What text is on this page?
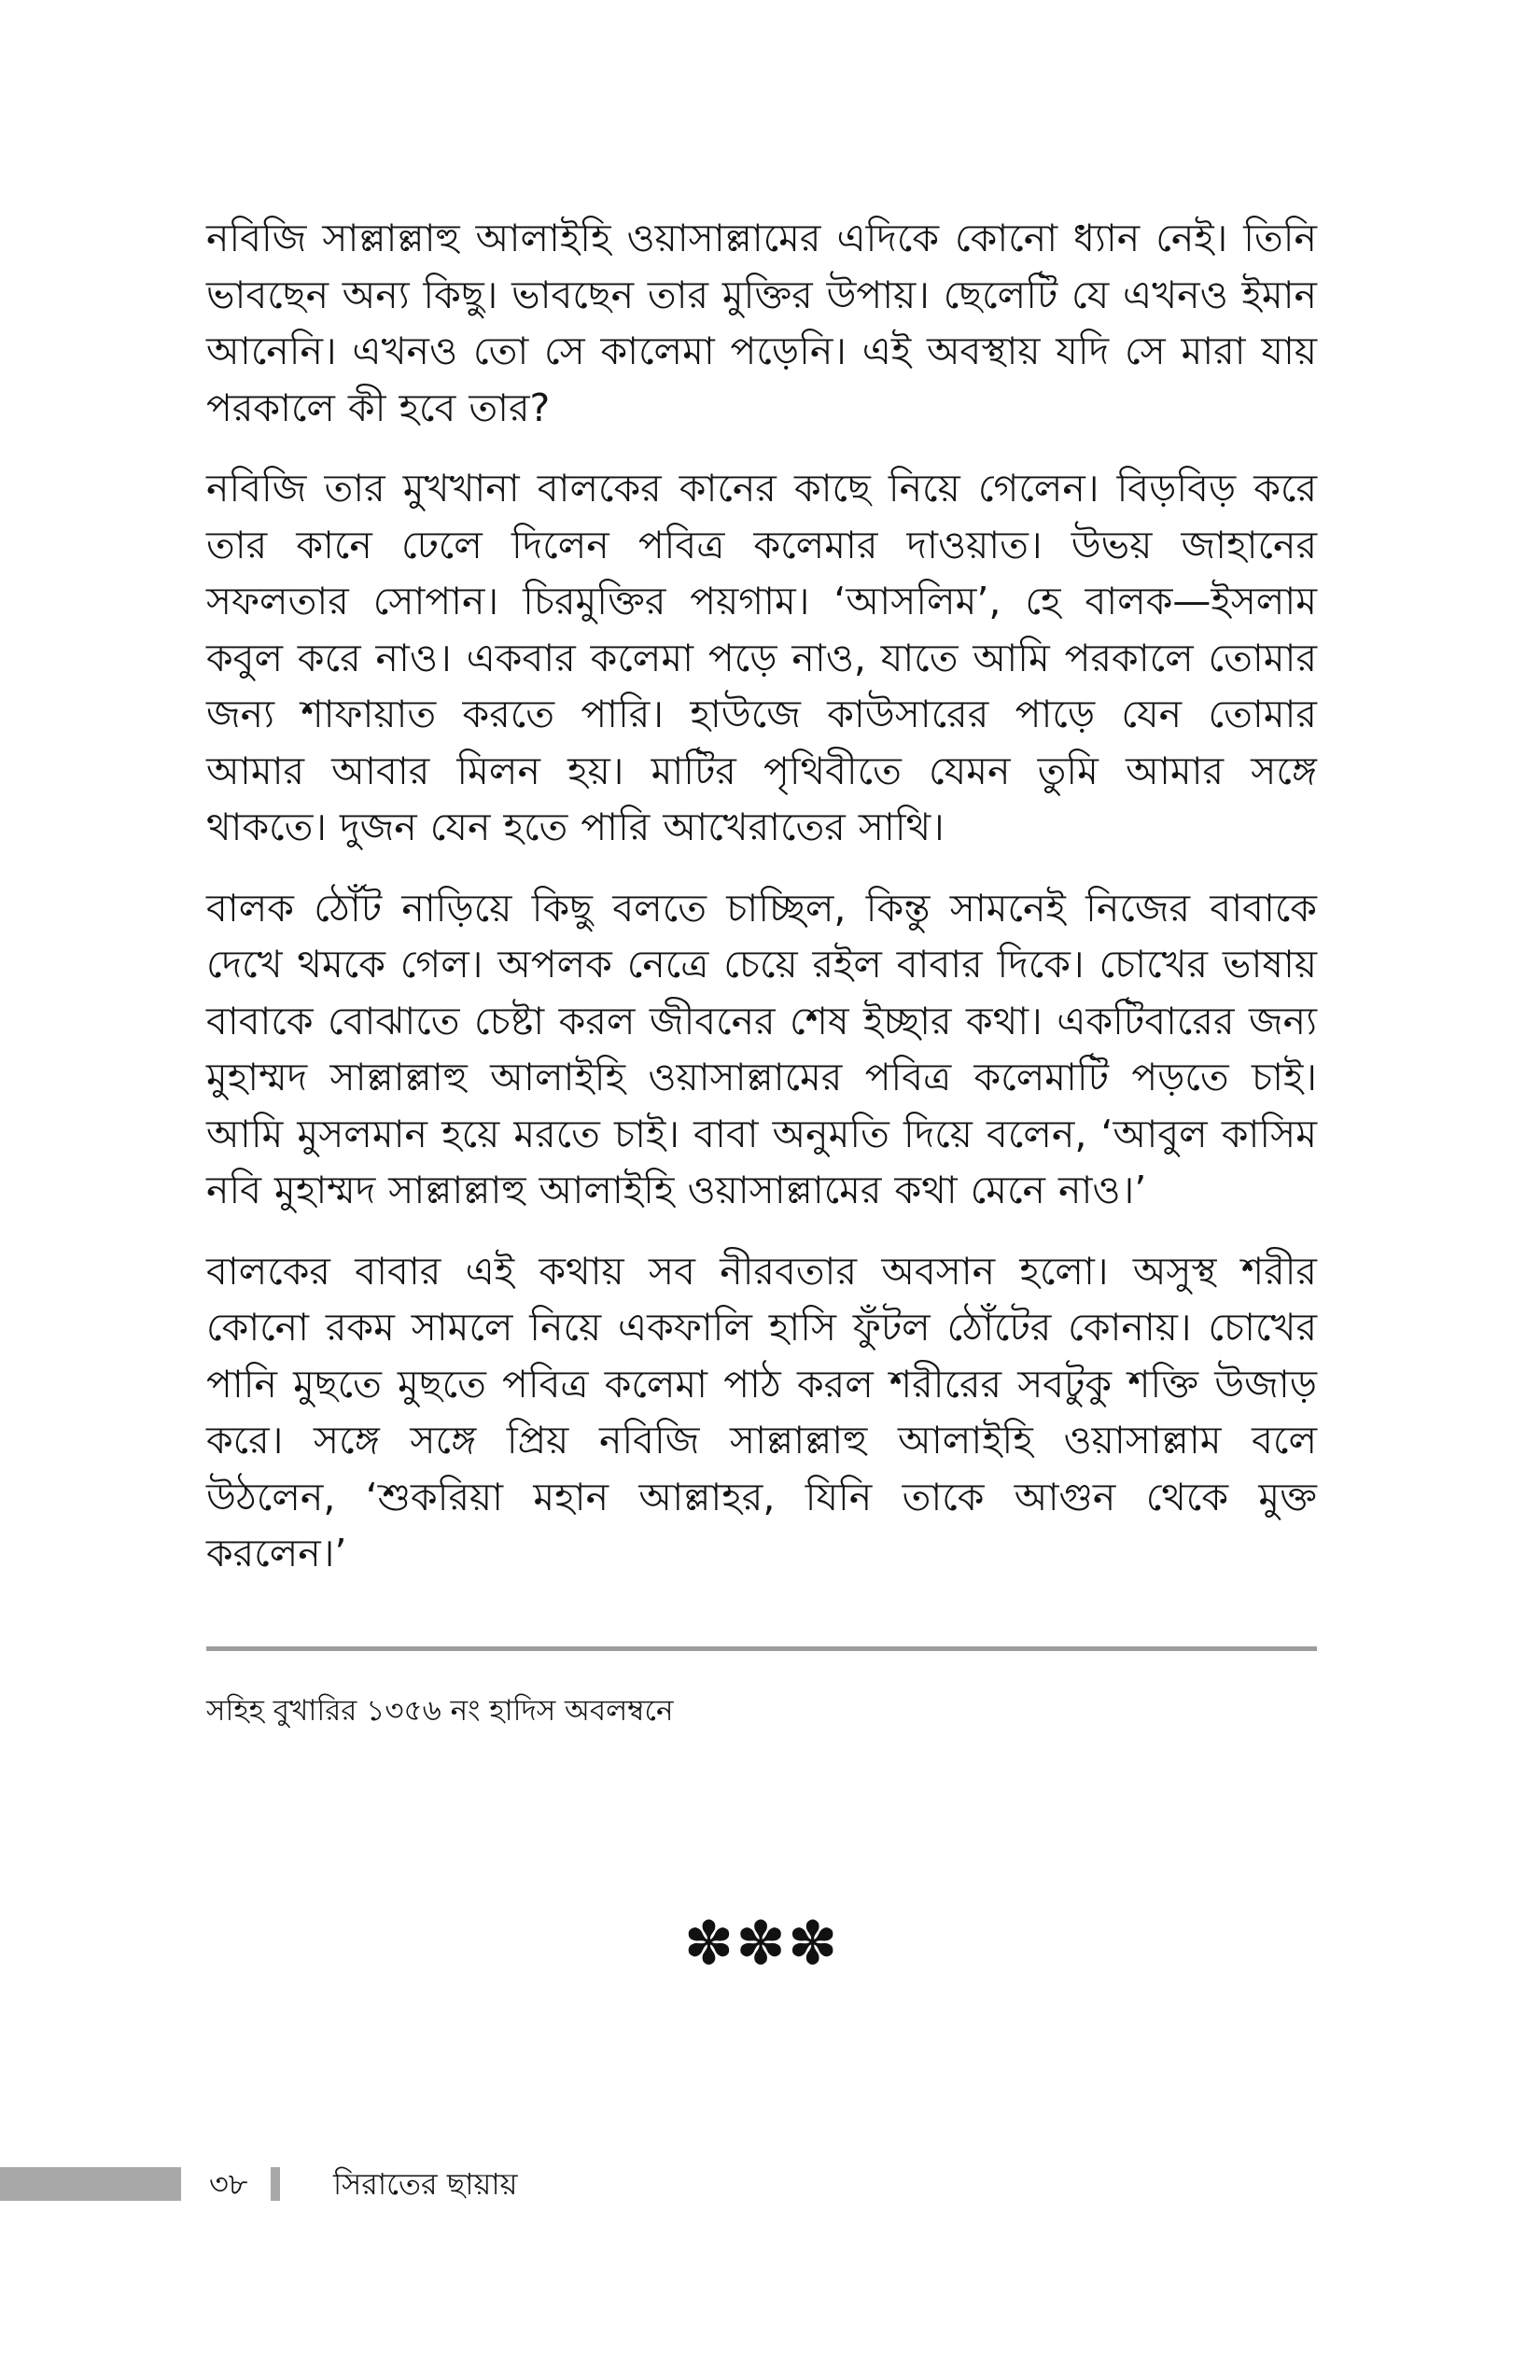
নবিজি সাল্লাল্লাহু আলাইহি ওয়াসাল্লামের এদিকে কোনো ধ্যান নেই। তিনি ভাবছেন অন্য কিছু। ভাবছেন তার মুক্তির উপায়। ছেলেটি যে এখনও ইমান আনেনি। এখনও তো সে কালেমা পড়েনি। এই অবস্থায় যদি সে মারা যায় পরকালে কী হবে তার?

নবিজি তার মুখখানা বালকের কানের কাছে নিয়ে গেলেন। বিড়বিড় করে তার কানে ঢেলে দিলেন পবিত্র কলেমার দাওয়াত। উভয় জাহানের সফলতার সোপান। চিরমুক্তির পয়গাম। ‘আসলিম’, হে বালক—ইসলাম কবুল করে নাও। একবার কলেমা পড়ে নাও, যাতে আমি পরকালে তোমার জন্য শাফায়াত করতে পারি। হাউজে কাউসারের পাড়ে যেন তোমার আমার আবার মিলন হয়। মাটির পৃথিবীতে যেমন তুমি আমার সঙ্গে থাকতে। দুজন যেন হতে পারি আখেরাতের সাথি।

বালক ঠোঁট নাড়িয়ে কিছু বলতে চাচ্ছিল, কিন্তু সামনেই নিজের বাবাকে দেখে থমকে গেল। অপলক নেত্রে চেয়ে রইল বাবার দিকে। চোখের ভাষায় বাবাকে বোঝাতে চেষ্টা করল জীবনের শেষ ইচ্ছার কথা। একটিবারের জন্য মুহাম্মদ সাল্লাল্লাহু আলাইহি ওয়াসাল্লামের পবিত্র কলেমাটি পড়তে চাই। আমি মুসলমান হয়ে মরতে চাই। বাবা অনুমতি দিয়ে বলেন, ‘আবুল কাসিম নবি মুহাম্মদ সাল্লাল্লাহু আলাইহি ওয়াসাল্লামের কথা মেনে নাও।’

বালকের বাবার এই কথায় সব নীরবতার অবসান হলো। অসুস্থ শরীর কোনো রকম সামলে নিয়ে একফালি হাসি ফুঁটল ঠোঁটের কোনায়। চোখের পানি মুছতে মুছতে পবিত্র কলেমা পাঠ করল শরীরের সবটুকু শক্তি উজাড় করে। সঙ্গে সঙ্গে প্রিয় নবিজি সাল্লাল্লাহু আলাইহি ওয়াসাল্লাম বলে উঠলেন, ‘শুকরিয়া মহান আল্লাহর, যিনি তাকে আগুন থেকে মুক্ত করলেন।’

সহিহ বুখারির ১৩৫৬ নং হাদিস অবলম্বনে
✽✽✽
৩৮	সিরাতের ছায়ায়
